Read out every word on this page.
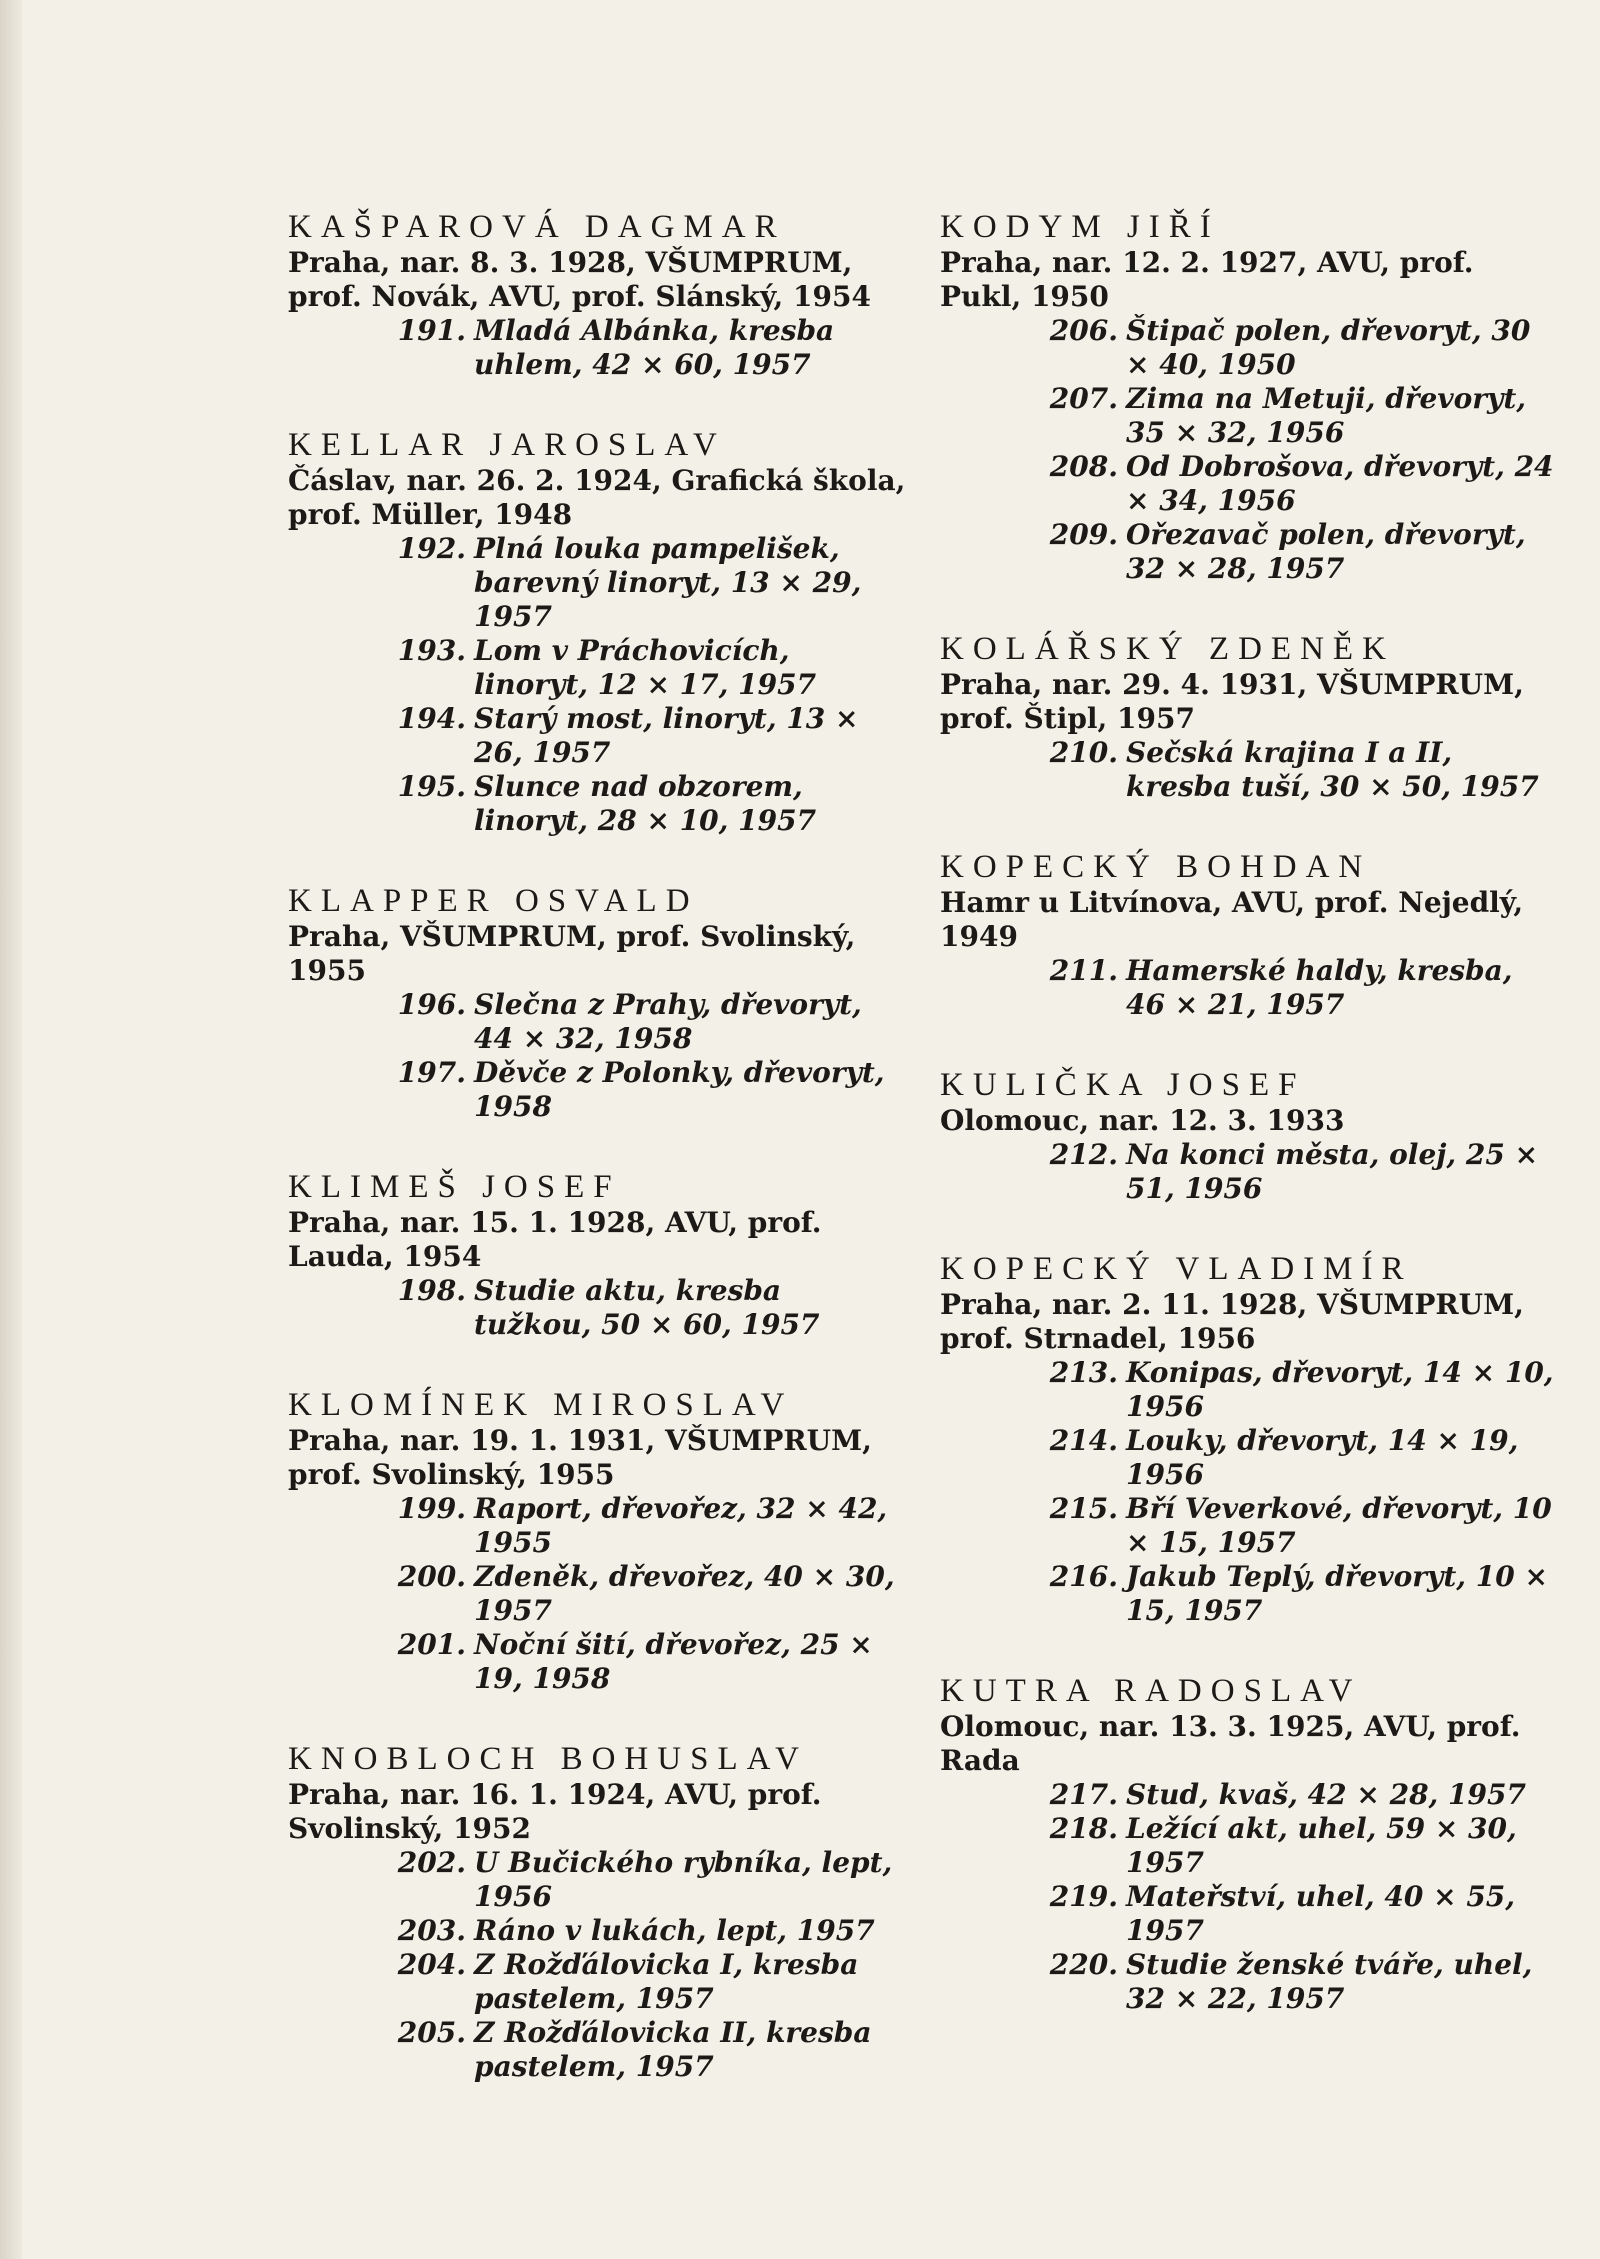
KAŠPAROVÁ DAGMAR
Praha, nar. 8. 3. 1928, VŠUMPRUM, prof. Novák, AVU, prof. Slánský, 1954
191. Mladá Albánka, kresba uhlem, 42 × 60, 1957
KELLAR JAROSLAV
Čáslav, nar. 26. 2. 1924, Grafická škola, prof. Müller, 1948
192. Plná louka pampelišek, barevný linoryt, 13 × 29, 1957
193. Lom v Práchovicích, linoryt, 12 × 17, 1957
194. Starý most, linoryt, 13 × 26, 1957
195. Slunce nad obzorem, linoryt, 28 × 10, 1957
KLAPPER OSVALD
Praha, VŠUMPRUM, prof. Svolinský, 1955
196. Slečna z Prahy, dřevoryt, 44 × 32, 1958
197. Děvče z Polonky, dřevoryt, 1958
KLIMEŠ JOSEF
Praha, nar. 15. 1. 1928, AVU, prof. Lauda, 1954
198. Studie aktu, kresba tužkou, 50 × 60, 1957
KLOMÍNEK MIROSLAV
Praha, nar. 19. 1. 1931, VŠUMPRUM, prof. Svolinský, 1955
199. Raport, dřevořez, 32 × 42, 1955
200. Zdeněk, dřevořez, 40 × 30, 1957
201. Noční šití, dřevořez, 25 × 19, 1958
KNOBLOCH BOHUSLAV
Praha, nar. 16. 1. 1924, AVU, prof. Svolinský, 1952
202. U Bučického rybníka, lept, 1956
203. Ráno v lukách, lept, 1957
204. Z Rožďálovicka I, kresba pastelem, 1957
205. Z Rožďálovicka II, kresba pastelem, 1957
KODYM JIŘÍ
Praha, nar. 12. 2. 1927, AVU, prof. Pukl, 1950
206. Štipač polen, dřevoryt, 30 × 40, 1950
207. Zima na Metuji, dřevoryt, 35 × 32, 1956
208. Od Dobrošova, dřevoryt, 24 × 34, 1956
209. Ořezavač polen, dřevoryt, 32 × 28, 1957
KOLÁŘSKÝ ZDENĚK
Praha, nar. 29. 4. 1931, VŠUMPRUM, prof. Štipl, 1957
210. Sečská krajina I a II, kresba tuší, 30 × 50, 1957
KOPECKÝ BOHDAN
Hamr u Litvínova, AVU, prof. Nejedlý, 1949
211. Hamerské haldy, kresba, 46 × 21, 1957
KULIČKA JOSEF
Olomouc, nar. 12. 3. 1933
212. Na konci města, olej, 25 × 51, 1956
KOPECKÝ VLADIMÍR
Praha, nar. 2. 11. 1928, VŠUMPRUM, prof. Strnadel, 1956
213. Konipas, dřevoryt, 14 × 10, 1956
214. Louky, dřevoryt, 14 × 19, 1956
215. Bří Veverkové, dřevoryt, 10 × 15, 1957
216. Jakub Teplý, dřevoryt, 10 × 15, 1957
KUTRA RADOSLAV
Olomouc, nar. 13. 3. 1925, AVU, prof. Rada
217. Stud, kvaš, 42 × 28, 1957
218. Ležící akt, uhel, 59 × 30, 1957
219. Mateřství, uhel, 40 × 55, 1957
220. Studie ženské tváře, uhel, 32 × 22, 1957
